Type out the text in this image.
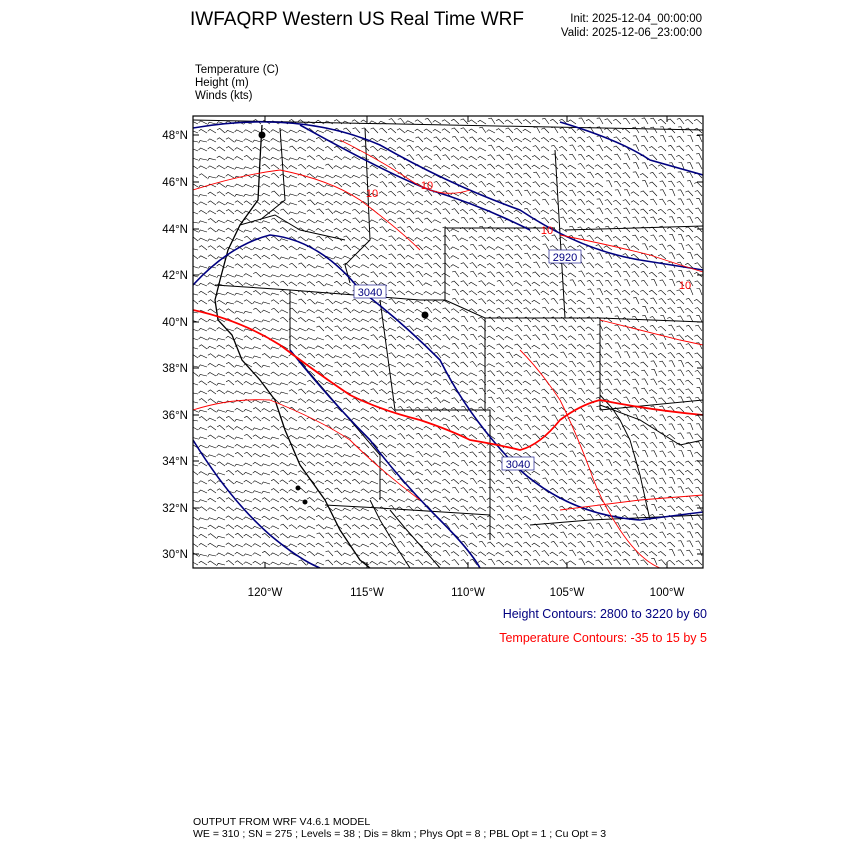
IWFAQRP Western US Real Time WRF	Init: 2025-12-04_00:00:00
Valid: 2025-12-06_23:00:00
Temperature (C)
Height (m)
Winds (kts)
2920
3040
3040
10
10
10
10
48°N
46°N
44°N
42°N
40°N
38°N
36°N
34°N
32°N
30°N
120°W	115°W	110°W	105°W	100°W
Height Contours: 2800 to 3220 by 60
Temperature Contours: -35 to 15 by 5
OUTPUT FROM WRF V4.6.1 MODEL
WE = 310 ; SN = 275 ; Levels = 38 ; Dis = 8km ; Phys Opt = 8 ; PBL Opt = 1 ; Cu Opt = 3
